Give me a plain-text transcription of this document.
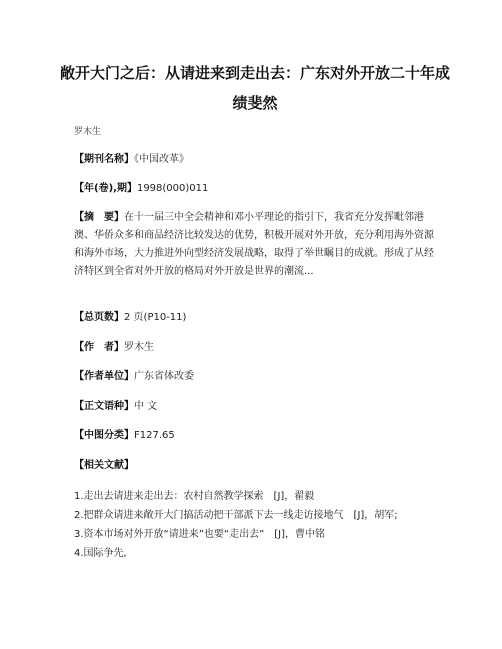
敞开大门之后：从请进来到走出去：广东对外开放二十年成绩斐然
罗木生
【期刊名称】《中国改革》
【年(卷),期】1998(000)011
【摘　要】在十一届三中全会精神和邓小平理论的指引下，我省充分发挥毗邻港澳、华侨众多和商品经济比较发达的优势，积极开展对外开放，充分利用海外资源和海外市场，大力推进外向型经济发展战略，取得了举世瞩目的成就。形成了从经济特区到全省对外开放的格局对外开放是世界的潮流...
【总页数】2 页(P10-11)
【作　者】罗木生
【作者单位】广东省体改委
【正文语种】中 文
【中图分类】F127.65
【相关文献】
1.走出去请进来走出去：农村自然教学探索　[J]，翟毅
2.把群众请进来敞开大门搞活动把干部派下去一线走访接地气　[J]，胡军;
3.资本市场对外开放“请进来”也要“走出去”　[J]，曹中铭
4.国际争先,
